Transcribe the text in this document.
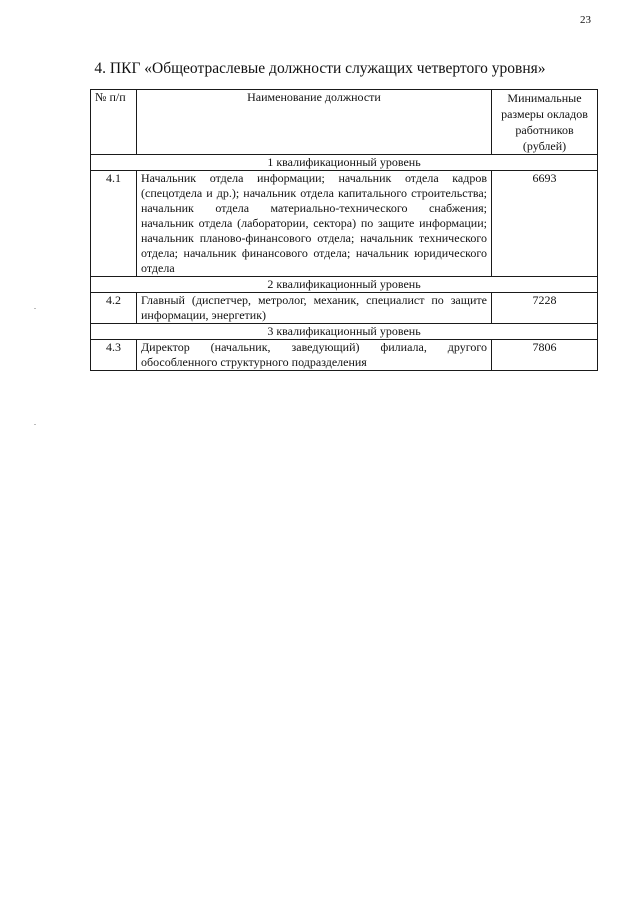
23
4. ПКГ «Общеотраслевые должности служащих четвертого уровня»
№ п/п	Наименование должности	Минимальные размеры окладов работников (рублей)
1 квалификационный уровень		
4.1	Начальник отдела информации; начальник отдела кадров (спецотдела и др.); начальник отдела капитального строительства; начальник отдела материально-технического снабжения; начальник отдела (лаборатории, сектора) по защите информации; начальник планово-финансового отдела; начальник технического отдела; начальник финансового отдела; начальник юридического отдела	6693
2 квалификационный уровень		
4.2	Главный (диспетчер, метролог, механик, специалист по защите информации, энергетик)	7228
3 квалификационный уровень		
4.3	Директор (начальник, заведующий) филиала, другого обособленного структурного подразделения	7806
